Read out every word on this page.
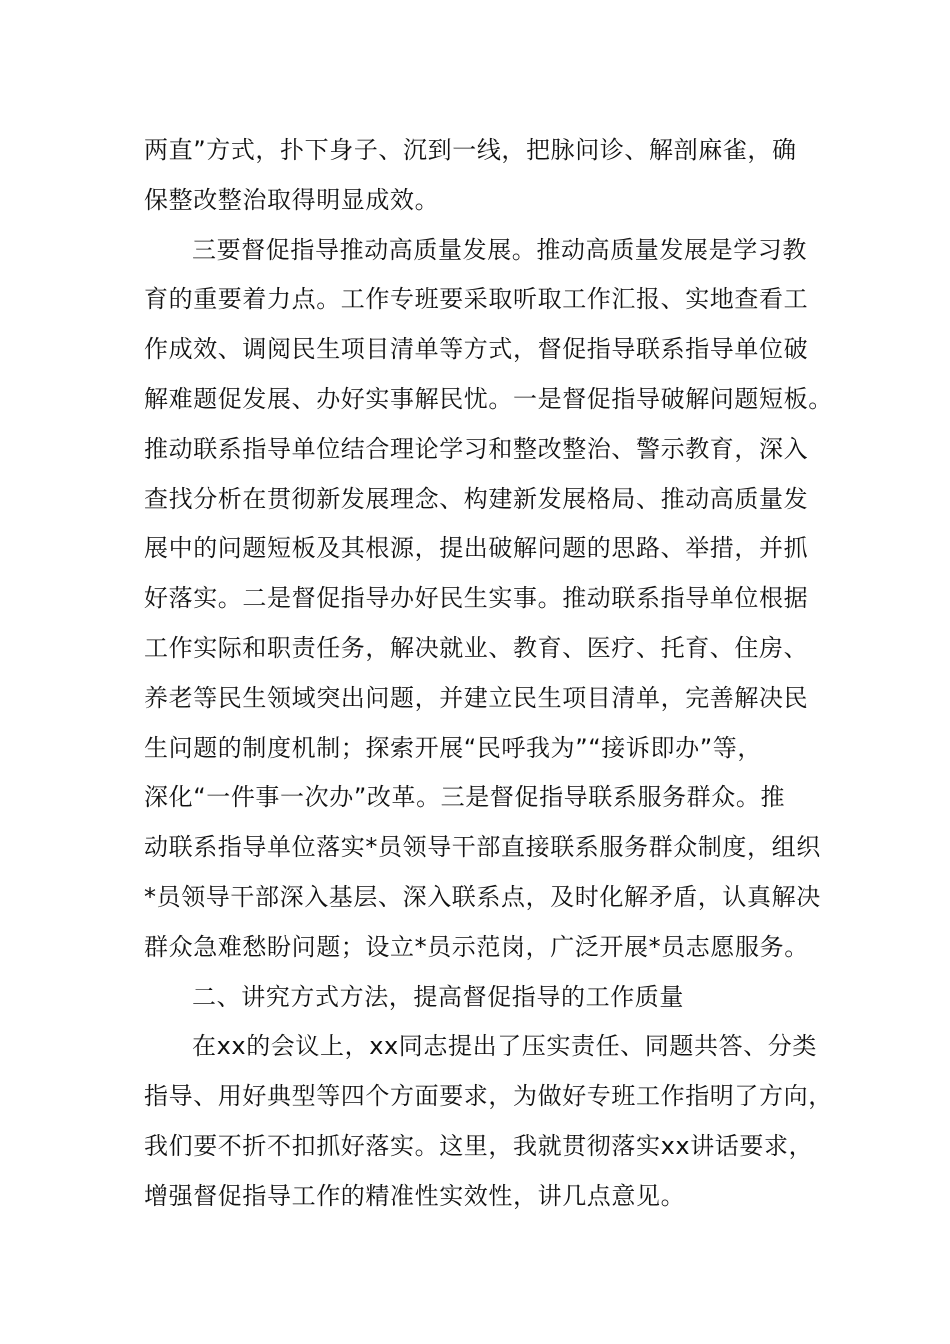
两直”方式，扑下身子、沉到一线，把脉问诊、解剖麻雀，确
保整改整治取得明显成效。
三要督促指导推动高质量发展。推动高质量发展是学习教
育的重要着力点。工作专班要采取听取工作汇报、实地查看工
作成效、调阅民生项目清单等方式，督促指导联系指导单位破
解难题促发展、办好实事解民忧。一是督促指导破解问题短板。
推动联系指导单位结合理论学习和整改整治、警示教育，深入
查找分析在贯彻新发展理念、构建新发展格局、推动高质量发
展中的问题短板及其根源，提出破解问题的思路、举措，并抓
好落实。二是督促指导办好民生实事。推动联系指导单位根据
工作实际和职责任务，解决就业、教育、医疗、托育、住房、
养老等民生领域突出问题，并建立民生项目清单，完善解决民
生问题的制度机制；探索开展“民呼我为”“接诉即办”等，
深化“一件事一次办”改革。三是督促指导联系服务群众。推
动联系指导单位落实*员领导干部直接联系服务群众制度，组织
*员领导干部深入基层、深入联系点，及时化解矛盾，认真解决
群众急难愁盼问题；设立*员示范岗，广泛开展*员志愿服务。
二、讲究方式方法，提高督促指导的工作质量
在xx的会议上，xx同志提出了压实责任、同题共答、分类
指导、用好典型等四个方面要求，为做好专班工作指明了方向，
我们要不折不扣抓好落实。这里，我就贯彻落实xx讲话要求，
增强督促指导工作的精准性实效性，讲几点意见。
